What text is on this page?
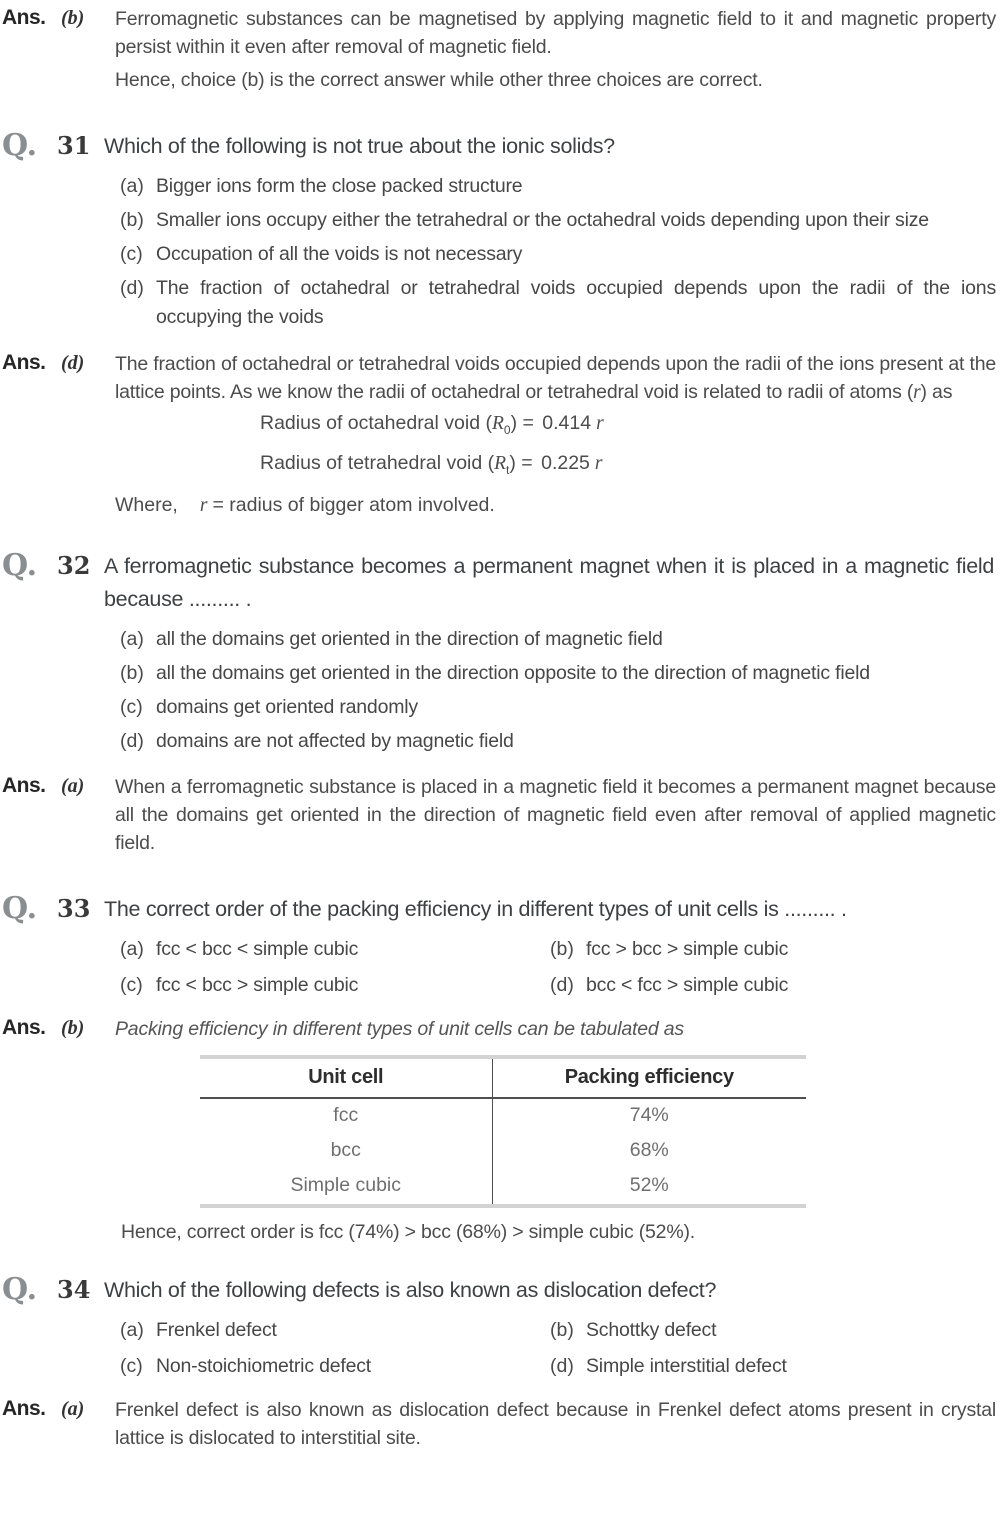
Ans. (b)	Ferromagnetic substances can be magnetised by applying magnetic field to it and magnetic property persist within it even after removal of magnetic field.
Hence, choice (b) is the correct answer while other three choices are correct.
Q. 31 Which of the following is not true about the ionic solids?
(a) Bigger ions form the close packed structure
(b) Smaller ions occupy either the tetrahedral or the octahedral voids depending upon their size
(c) Occupation of all the voids is not necessary
(d) The fraction of octahedral or tetrahedral voids occupied depends upon the radii of the ions occupying the voids
Ans. (d)	The fraction of octahedral or tetrahedral voids occupied depends upon the radii of the ions present at the lattice points. As we know the radii of octahedral or tetrahedral void is related to radii of atoms (r) as
Radius of octahedral void $(R_0) = 0.414$ r
Radius of tetrahedral void $(R_t) = 0.225$ r
Where, r = radius of bigger atom involved.
Q. 32 A ferromagnetic substance becomes a permanent magnet when it is placed in a magnetic field because ......... .
(a) all the domains get oriented in the direction of magnetic field
(b) all the domains get oriented in the direction opposite to the direction of magnetic field
(c) domains get oriented randomly
(d) domains are not affected by magnetic field
Ans. (a)	When a ferromagnetic substance is placed in a magnetic field it becomes a permanent magnet because all the domains get oriented in the direction of magnetic field even after removal of applied magnetic field.
Q. 33 The correct order of the packing efficiency in different types of unit cells is ......... .
(a) fcc < bcc < simple cubic	(b) fcc > bcc > simple cubic
(c) fcc < bcc > simple cubic	(d) bcc < fcc > simple cubic
Ans. (b)	Packing efficiency in different types of unit cells can be tabulated as
Unit cell	Packing efficiency
fcc	74%
bcc	68%
Simple cubic	52%
Hence, correct order is fcc (74%) > bcc (68%) > simple cubic (52%).
Q. 34 Which of the following defects is also known as dislocation defect?
(a) Frenkel defect	(b) Schottky defect
(c) Non-stoichiometric defect	(d) Simple interstitial defect
Ans. (a)	Frenkel defect is also known as dislocation defect because in Frenkel defect atoms present in crystal lattice is dislocated to interstitial site.
